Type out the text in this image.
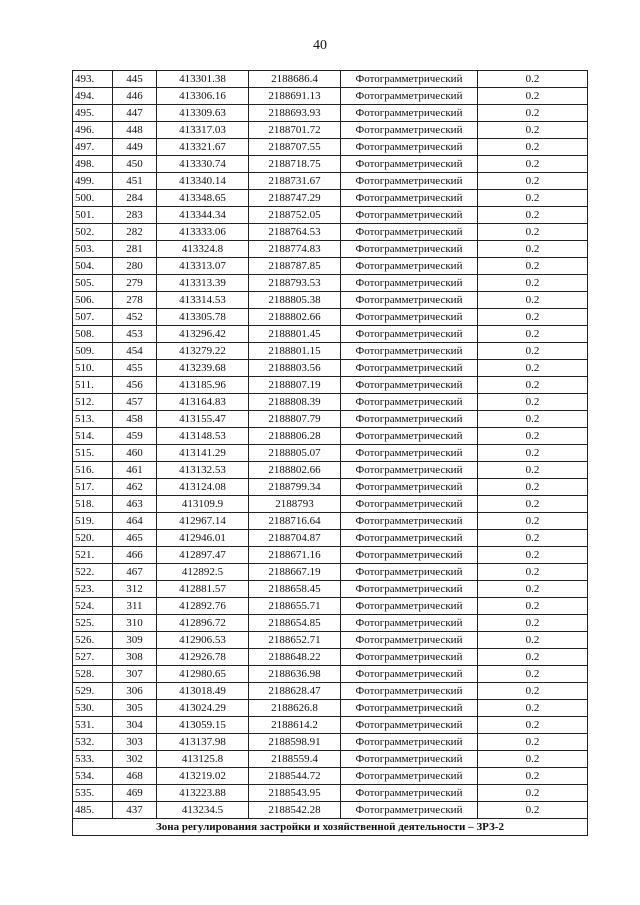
40
493.	445	413301.38	2188686.4	Фотограмметрический	0.2
494.	446	413306.16	2188691.13	Фотограмметрический	0.2
495.	447	413309.63	2188693.93	Фотограмметрический	0.2
496.	448	413317.03	2188701.72	Фотограмметрический	0.2
497.	449	413321.67	2188707.55	Фотограмметрический	0.2
498.	450	413330.74	2188718.75	Фотограмметрический	0.2
499.	451	413340.14	2188731.67	Фотограмметрический	0.2
500.	284	413348.65	2188747.29	Фотограмметрический	0.2
501.	283	413344.34	2188752.05	Фотограмметрический	0.2
502.	282	413333.06	2188764.53	Фотограмметрический	0.2
503.	281	413324.8	2188774.83	Фотограмметрический	0.2
504.	280	413313.07	2188787.85	Фотограмметрический	0.2
505.	279	413313.39	2188793.53	Фотограмметрический	0.2
506.	278	413314.53	2188805.38	Фотограмметрический	0.2
507.	452	413305.78	2188802.66	Фотограмметрический	0.2
508.	453	413296.42	2188801.45	Фотограмметрический	0.2
509.	454	413279.22	2188801.15	Фотограмметрический	0.2
510.	455	413239.68	2188803.56	Фотограмметрический	0.2
511.	456	413185.96	2188807.19	Фотограмметрический	0.2
512.	457	413164.83	2188808.39	Фотограмметрический	0.2
513.	458	413155.47	2188807.79	Фотограмметрический	0.2
514.	459	413148.53	2188806.28	Фотограмметрический	0.2
515.	460	413141.29	2188805.07	Фотограмметрический	0.2
516.	461	413132.53	2188802.66	Фотограмметрический	0.2
517.	462	413124.08	2188799.34	Фотограмметрический	0.2
518.	463	413109.9	2188793	Фотограмметрический	0.2
519.	464	412967.14	2188716.64	Фотограмметрический	0.2
520.	465	412946.01	2188704.87	Фотограмметрический	0.2
521.	466	412897.47	2188671.16	Фотограмметрический	0.2
522.	467	412892.5	2188667.19	Фотограмметрический	0.2
523.	312	412881.57	2188658.45	Фотограмметрический	0.2
524.	311	412892.76	2188655.71	Фотограмметрический	0.2
525.	310	412896.72	2188654.85	Фотограмметрический	0.2
526.	309	412906.53	2188652.71	Фотограмметрический	0.2
527.	308	412926.78	2188648.22	Фотограмметрический	0.2
528.	307	412980.65	2188636.98	Фотограмметрический	0.2
529.	306	413018.49	2188628.47	Фотограмметрический	0.2
530.	305	413024.29	2188626.8	Фотограмметрический	0.2
531.	304	413059.15	2188614.2	Фотограмметрический	0.2
532.	303	413137.98	2188598.91	Фотограмметрический	0.2
533.	302	413125.8	2188559.4	Фотограмметрический	0.2
534.	468	413219.02	2188544.72	Фотограмметрический	0.2
535.	469	413223.88	2188543.95	Фотограмметрический	0.2
485.	437	413234.5	2188542.28	Фотограмметрический	0.2
Зона регулирования застройки и хозяйственной деятельности – ЗРЗ-2					
